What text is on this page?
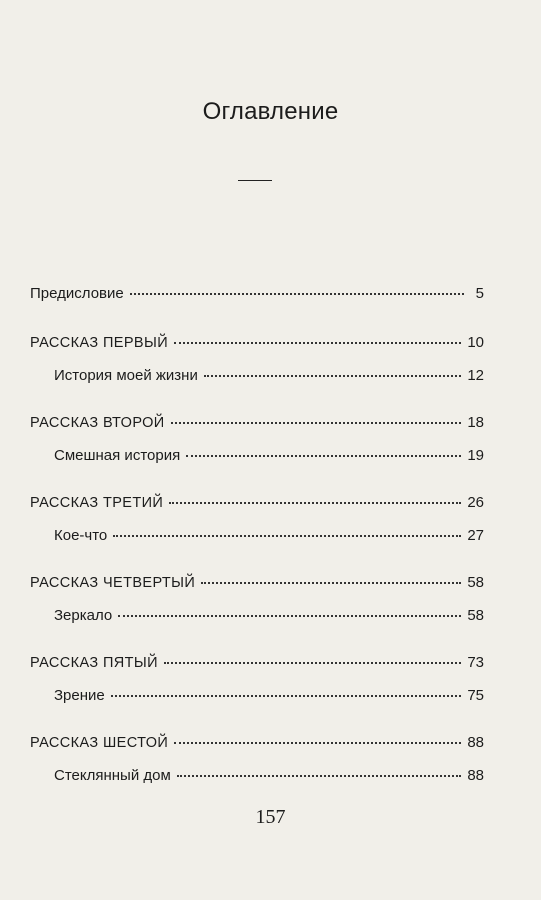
Оглавление
Предисловие	5
РАССКАЗ ПЕРВЫЙ	10
История моей жизни	12
РАССКАЗ ВТОРОЙ	18
Смешная история	19
РАССКАЗ ТРЕТИЙ	26
Кое-что	27
РАССКАЗ ЧЕТВЕРТЫЙ	58
Зеркало	58
РАССКАЗ ПЯТЫЙ	73
Зрение	75
РАССКАЗ ШЕСТОЙ	88
Стеклянный дом	88
157
